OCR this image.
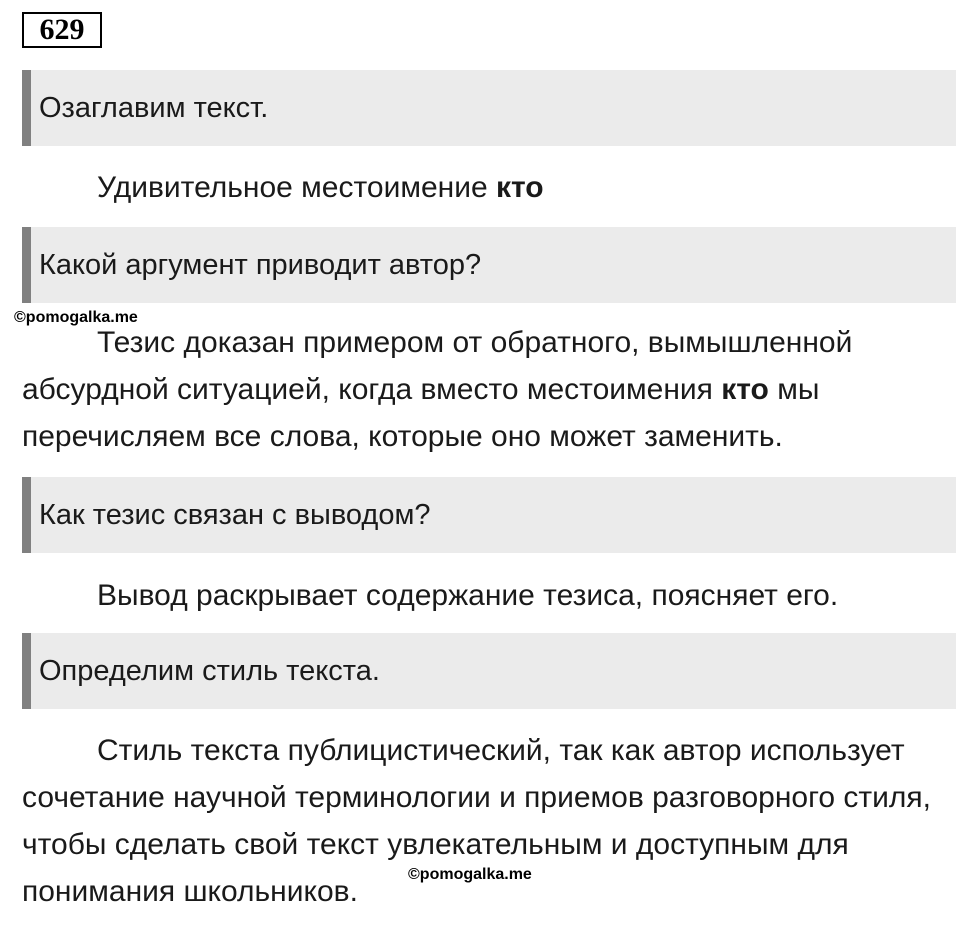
629
Озаглавим текст.

Удивительное местоимение кто

Какой аргумент приводит автор?
©pomogalka.me

Тезис доказан примером от обратного, вымышленной абсурдной ситуацией, когда вместо местоимения кто мы перечисляем все слова, которые оно может заменить.

Как тезис связан с выводом?

Вывод раскрывает содержание тезиса, поясняет его.

Определим стиль текста.

Стиль текста публицистический, так как автор использует сочетание научной терминологии и приемов разговорного стиля, чтобы сделать свой текст увлекательным и доступным для понимания школьников.

©pomogalka.me
